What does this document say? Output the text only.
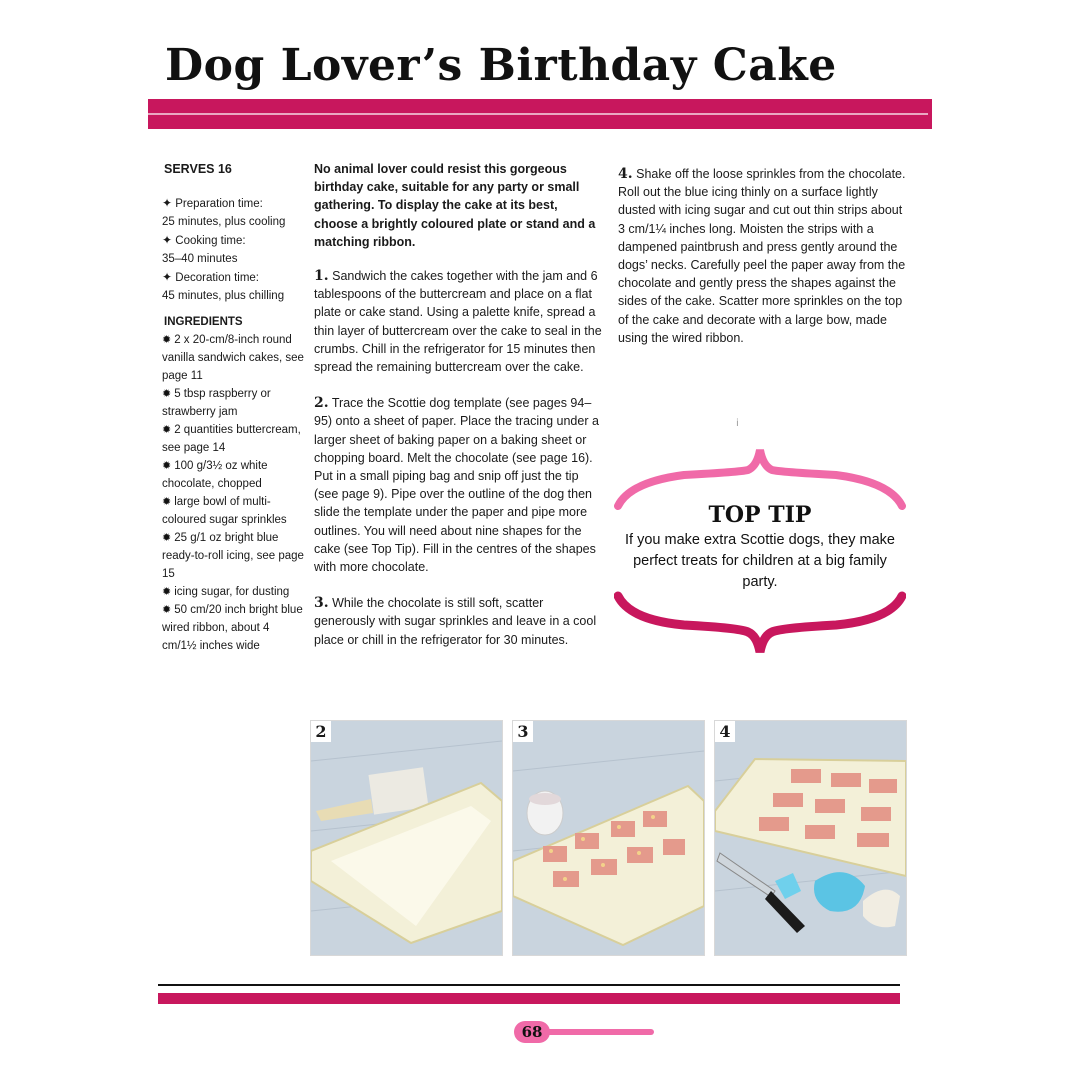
Dog Lover’s Birthday Cake

SERVES 16

✦ Preparation time:

25 minutes, plus cooling

✦ Cooking time:

35–40 minutes

✦ Decoration time:

45 minutes, plus chilling

INGREDIENTS

✹ 2 x 20-cm/8-inch round vanilla sandwich cakes, see page 11
✹ 5 tbsp raspberry or strawberry jam
✹ 2 quantities buttercream, see page 14
✹ 100 g/3½ oz white chocolate, chopped
✹ large bowl of multi-coloured sugar sprinkles
✹ 25 g/1 oz bright blue ready-to-roll icing, see page 15
✹ icing sugar, for dusting
✹ 50 cm/20 inch bright blue wired ribbon, about 4 cm/1½ inches wide

No animal lover could resist this gorgeous birthday cake, suitable for any party or small gathering. To display the cake at its best, choose a brightly coloured plate or stand and a matching ribbon.

1. Sandwich the cakes together with the jam and 6 tablespoons of the buttercream and place on a flat plate or cake stand. Using a palette knife, spread a thin layer of buttercream over the cake to seal in the crumbs. Chill in the refrigerator for 15 minutes then spread the remaining buttercream over the cake.

2. Trace the Scottie dog template (see pages 94–95) onto a sheet of paper. Place the tracing under a larger sheet of baking paper on a baking sheet or chopping board. Melt the chocolate (see page 16). Put in a small piping bag and snip off just the tip (see page 9). Pipe over the outline of the dog then slide the template under the paper and pipe more outlines. You will need about nine shapes for the cake (see Top Tip). Fill in the centres of the shapes with more chocolate.

3. While the chocolate is still soft, scatter generously with sugar sprinkles and leave in a cool place or chill in the refrigerator for 30 minutes.

4. Shake off the loose sprinkles from the chocolate. Roll out the blue icing thinly on a surface lightly dusted with icing sugar and cut out thin strips about 3 cm/1¼ inches long. Moisten the strips with a dampened paintbrush and press gently around the dogs’ necks. Carefully peel the paper away from the chocolate and gently press the shapes against the sides of the cake. Scatter more sprinkles on the top of the cake and decorate with a large bow, made using the wired ribbon.

ⅰ

TOP TIP

If you make extra Scottie dogs, they make perfect treats for children at a big family party.

2	3	4
68
